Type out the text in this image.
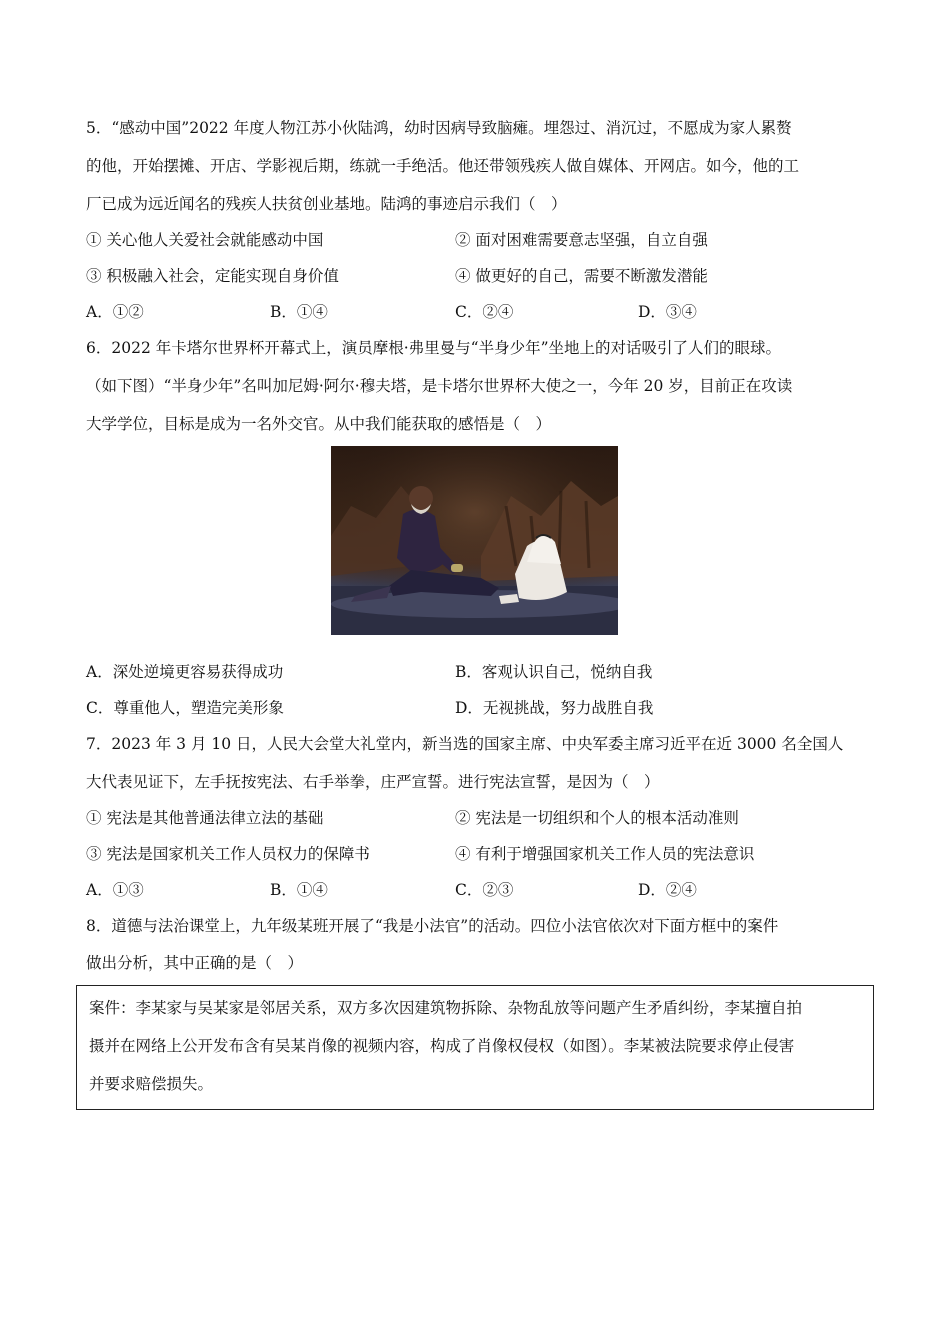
5．“感动中国”2022 年度人物江苏小伙陆鸿，幼时因病导致脑瘫。埋怨过、消沉过，不愿成为家人累赘
的他，开始摆摊、开店、学影视后期，练就一手绝活。他还带领残疾人做自媒体、开网店。如今，他的工
厂已成为远近闻名的残疾人扶贫创业基地。陆鸿的事迹启示我们（　）
① 关心他人关爱社会就能感动中国	② 面对困难需要意志坚强，自立自强
③ 积极融入社会，定能实现自身价值	④ 做更好的自己，需要不断激发潜能
A．①②	B．①④	C．②④	D．③④
6．2022 年卡塔尔世界杯开幕式上，演员摩根·弗里曼与“半身少年”坐地上的对话吸引了人们的眼球。
（如下图）“半身少年”名叫加尼姆·阿尔·穆夫塔，是卡塔尔世界杯大使之一，今年 20 岁，目前正在攻读
大学学位，目标是成为一名外交官。从中我们能获取的感悟是（　）
A．深处逆境更容易获得成功	B．客观认识自己，悦纳自我
C．尊重他人，塑造完美形象	D．无视挑战，努力战胜自我
7．2023 年 3 月 10 日，人民大会堂大礼堂内，新当选的国家主席、中央军委主席习近平在近 3000 名全国人
大代表见证下，左手抚按宪法、右手举拳，庄严宣誓。进行宪法宣誓，是因为（　）
① 宪法是其他普通法律立法的基础	② 宪法是一切组织和个人的根本活动准则
③ 宪法是国家机关工作人员权力的保障书	④ 有利于增强国家机关工作人员的宪法意识
A．①③	B．①④	C．②③	D．②④
8．道德与法治课堂上，九年级某班开展了“我是小法官”的活动。四位小法官依次对下面方框中的案件
做出分析，其中正确的是（　）
案件：李某家与吴某家是邻居关系，双方多次因建筑物拆除、杂物乱放等问题产生矛盾纠纷，李某擅自拍
摄并在网络上公开发布含有吴某肖像的视频内容，构成了肖像权侵权（如图）。李某被法院要求停止侵害
并要求赔偿损失。
